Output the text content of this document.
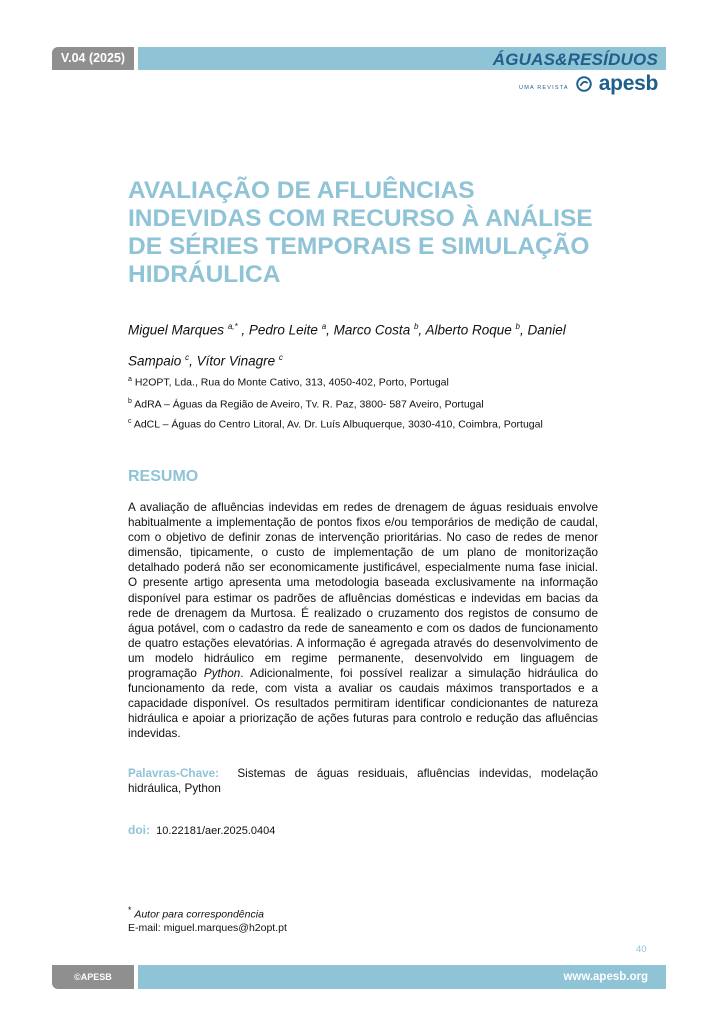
V.04 (2025)	ÁGUAS&RESÍDUOS
UMA REVISTA apesb
AVALIAÇÃO DE AFLUÊNCIAS INDEVIDAS COM RECURSO À ANÁLISE DE SÉRIES TEMPORAIS E SIMULAÇÃO HIDRÁULICA
Miguel Marques $^{a,*}$ , Pedro Leite $^a$, Marco Costa $^b$, Alberto Roque $^b$, Daniel Sampaio $^c$, Vítor Vinagre $^c$
$^a$ H2OPT, Lda., Rua do Monte Cativo, 313, 4050-402, Porto, Portugal
$^b$ AdRA – Águas da Região de Aveiro, Tv. R. Paz, 3800- 587 Aveiro, Portugal
$^c$ AdCL – Águas do Centro Litoral, Av. Dr. Luís Albuquerque, 3030-410, Coimbra, Portugal
RESUMO

A avaliação de afluências indevidas em redes de drenagem de águas residuais envolve habitualmente a implementação de pontos fixos e/ou temporários de medição de caudal, com o objetivo de definir zonas de intervenção prioritárias. No caso de redes de menor dimensão, tipicamente, o custo de implementação de um plano de monitorização detalhado poderá não ser economicamente justificável, especialmente numa fase inicial. O presente artigo apresenta uma metodologia baseada exclusivamente na informação disponível para estimar os padrões de afluências domésticas e indevidas em bacias da rede de drenagem da Murtosa. É realizado o cruzamento dos registos de consumo de água potável, com o cadastro da rede de saneamento e com os dados de funcionamento de quatro estações elevatórias. A informação é agregada através do desenvolvimento de um modelo hidráulico em regime permanente, desenvolvido em linguagem de programação Python. Adicionalmente, foi possível realizar a simulação hidráulica do funcionamento da rede, com vista a avaliar os caudais máximos transportados e a capacidade disponível. Os resultados permitiram identificar condicionantes de natureza hidráulica e apoiar a priorização de ações futuras para controlo e redução das afluências indevidas.

Palavras-Chave: Sistemas de águas residuais, afluências indevidas, modelação hidráulica, Python

doi: 10.22181/aer.2025.0404
* Autor para correspondência
E-mail: miguel.marques@h2opt.pt
40
©APESB	www.apesb.org
